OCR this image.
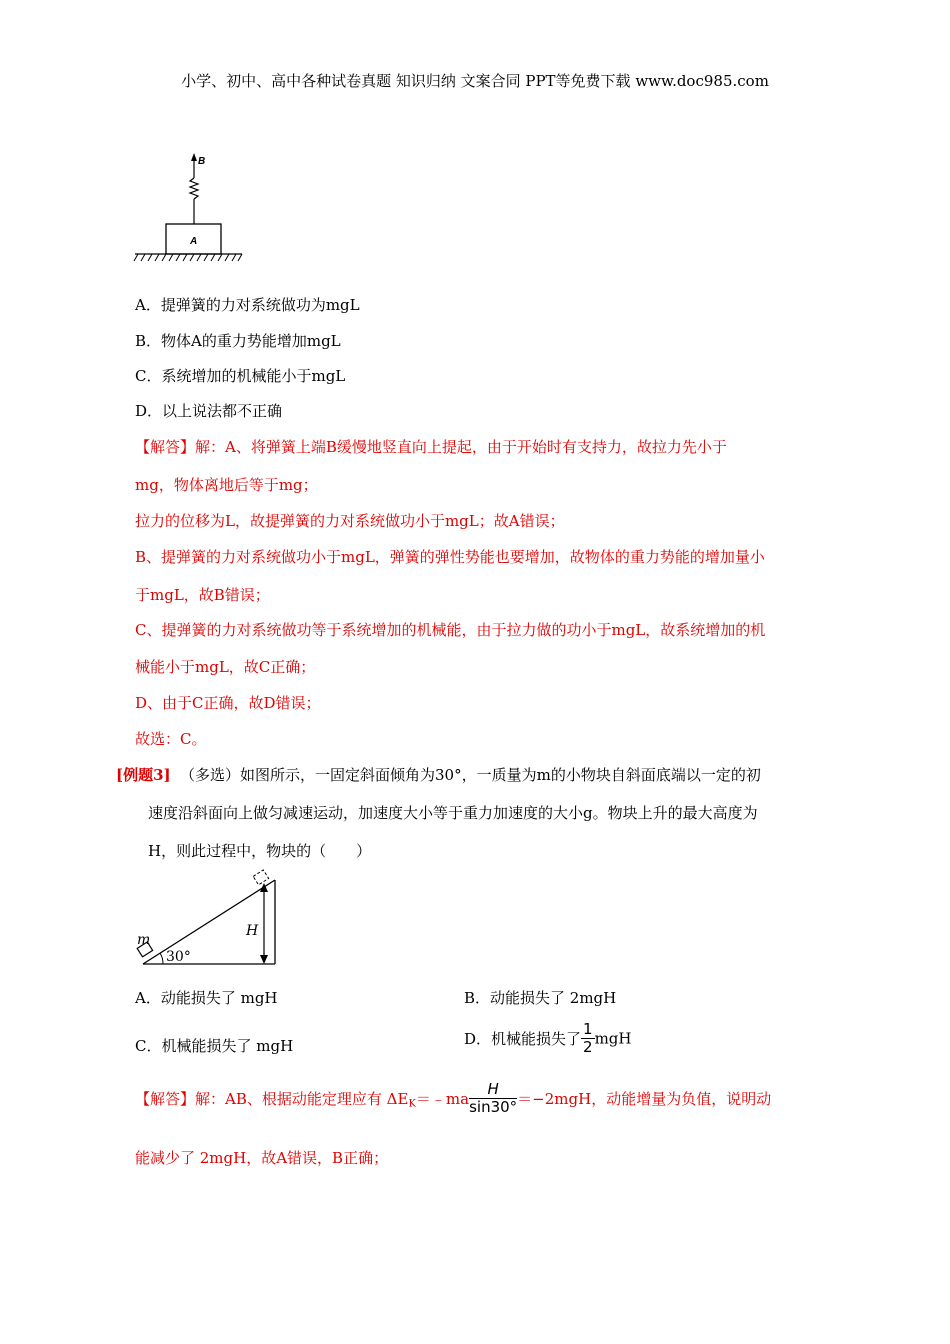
小学、初中、高中各种试卷真题 知识归纳 文案合同 PPT等免费下载 www.doc985.com
B
A
A．提弹簧的力对系统做功为mgL
B．物体A的重力势能增加mgL
C．系统增加的机械能小于mgL
D．以上说法都不正确
【解答】解：A、将弹簧上端B缓慢地竖直向上提起，由于开始时有支持力，故拉力先小于
mg，物体离地后等于mg；
拉力的位移为L，故提弹簧的力对系统做功小于mgL；故A错误；
B、提弹簧的力对系统做功小于mgL，弹簧的弹性势能也要增加，故物体的重力势能的增加量小
于mgL，故B错误；
C、提弹簧的力对系统做功等于系统增加的机械能，由于拉力做的功小于mgL，故系统增加的机
械能小于mgL，故C正确；
D、由于C正确，故D错误；
故选：C。
[例题3] （多选）如图所示，一固定斜面倾角为30°，一质量为m的小物块自斜面底端以一定的初
速度沿斜面向上做匀减速运动，加速度大小等于重力加速度的大小g。物块上升的最大高度为
H，则此过程中，物块的（　　）
m
30°
H
A．动能损失了 mgH	B．动能损失了 2mgH
C．机械能损失了 mgH	D．机械能损失了 $\frac{1}{2}$ mgH
【解答】解：AB、根据动能定理应有 $\Delta E_K=﹣ma \frac{H}{\sin 30^\circ} =-2mgH$，动能增量为负值，说明动
能减少了 2mgH，故A错误，B正确；
